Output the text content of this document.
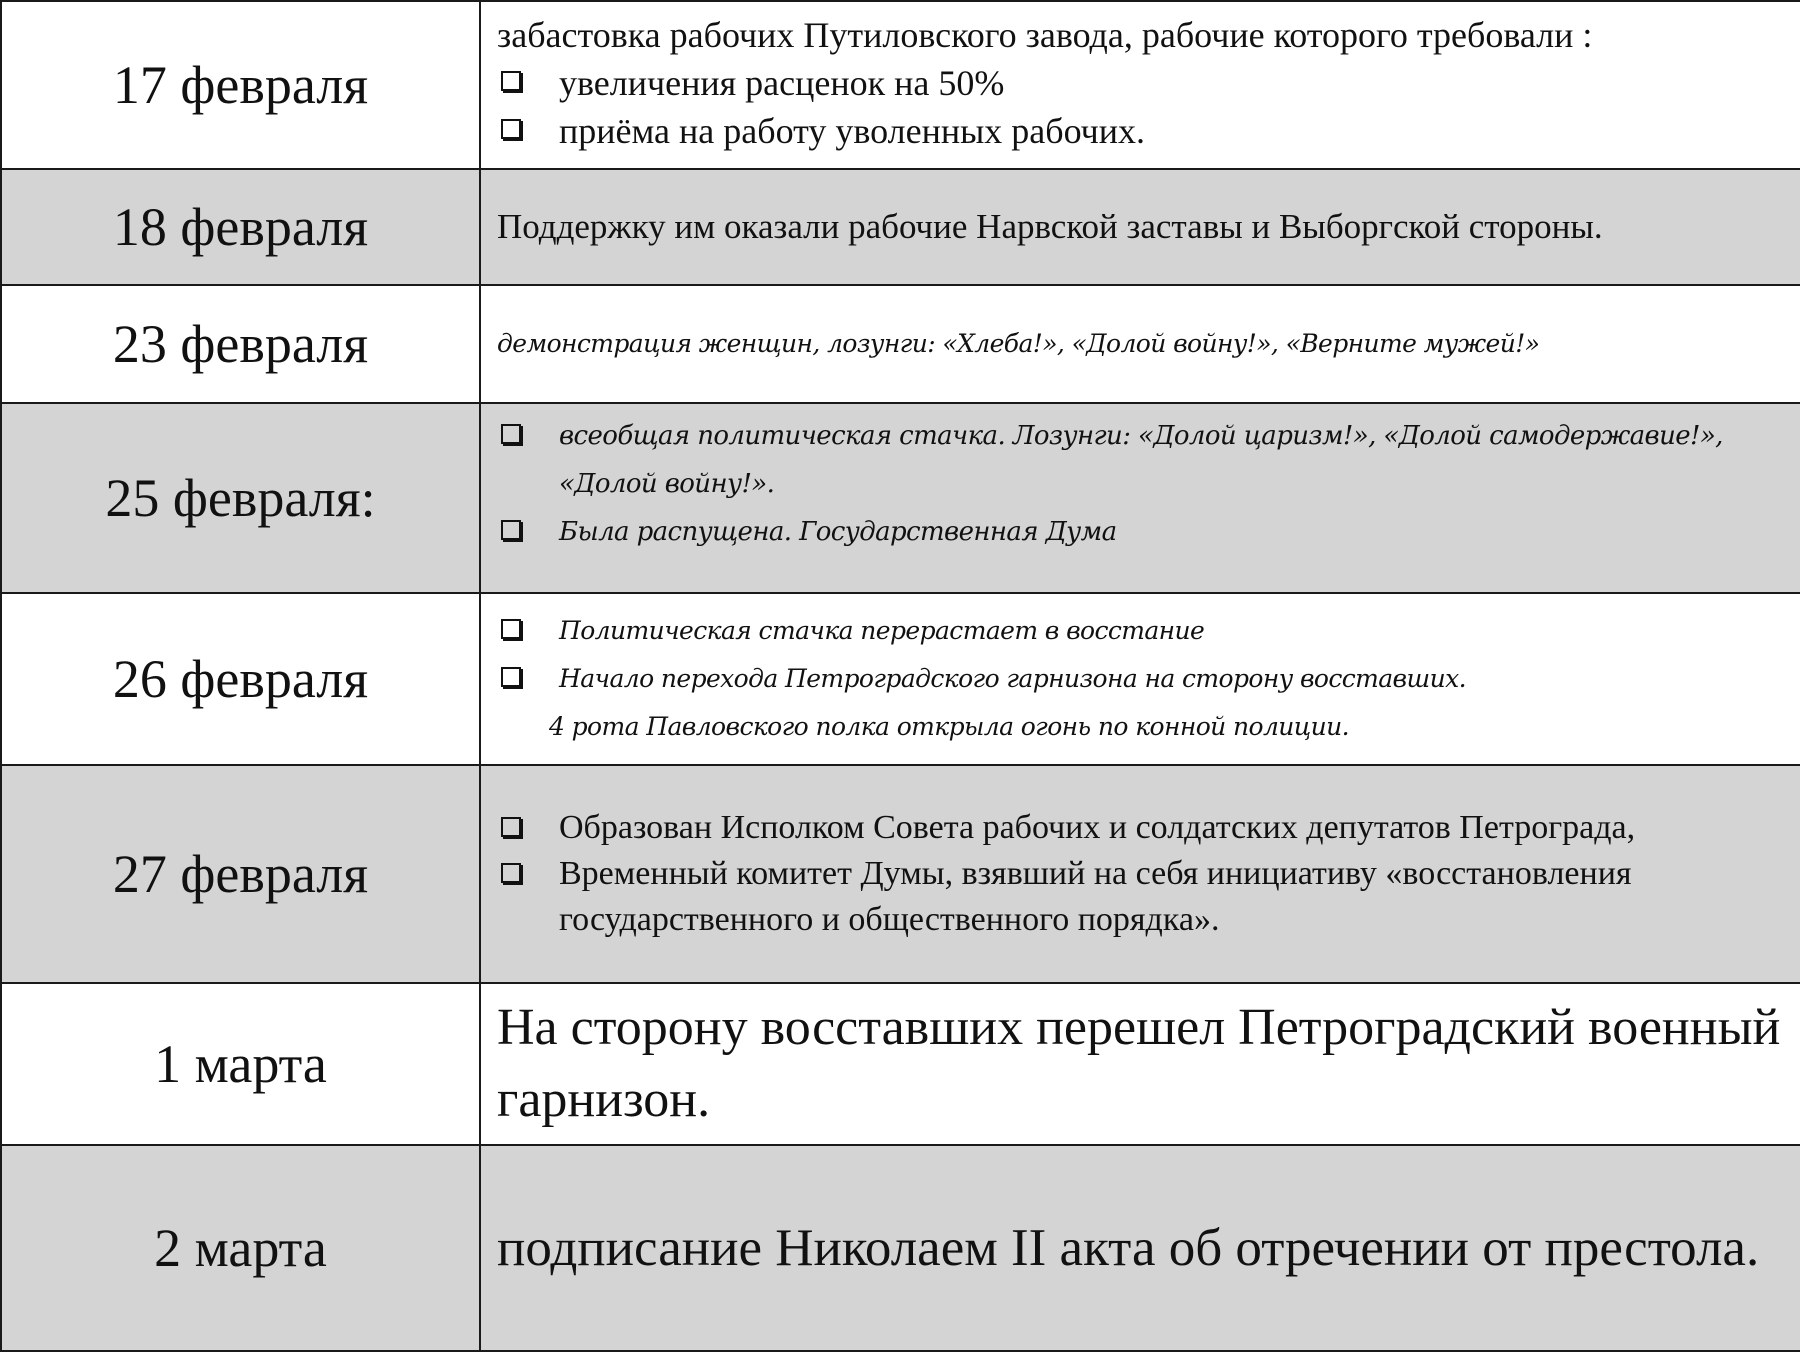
17 февраля	забастовка рабочих Путиловского завода, рабочие которого требовали :
увеличения расценок на 50%
приёма на работу уволенных рабочих.

18 февраля	Поддержку им оказали рабочие Нарвской заставы и Выборгской стороны.

23 февраля	демонстрация женщин, лозунги: «Хлеба!», «Долой войну!», «Верните мужей!»

25 февраля:	всеобщая политическая стачка. Лозунги: «Долой царизм!», «Долой самодержавие!», «Долой войну!».
Была распущена. Государственная Дума

26 февраля	Политическая стачка перерастает в восстание
Начало перехода Петроградского гарнизона на сторону восставших.
4 рота Павловского полка открыла огонь по конной полиции.

27 февраля	Образован Исполком Совета рабочих и солдатских депутатов Петрограда,
Временный комитет Думы, взявший на себя инициативу «восстановления государственного и общественного порядка».

1 марта	На сторону восставших перешел Петроградский военный гарнизон.
2 марта	подписание Николаем II акта об отречении от престола.
